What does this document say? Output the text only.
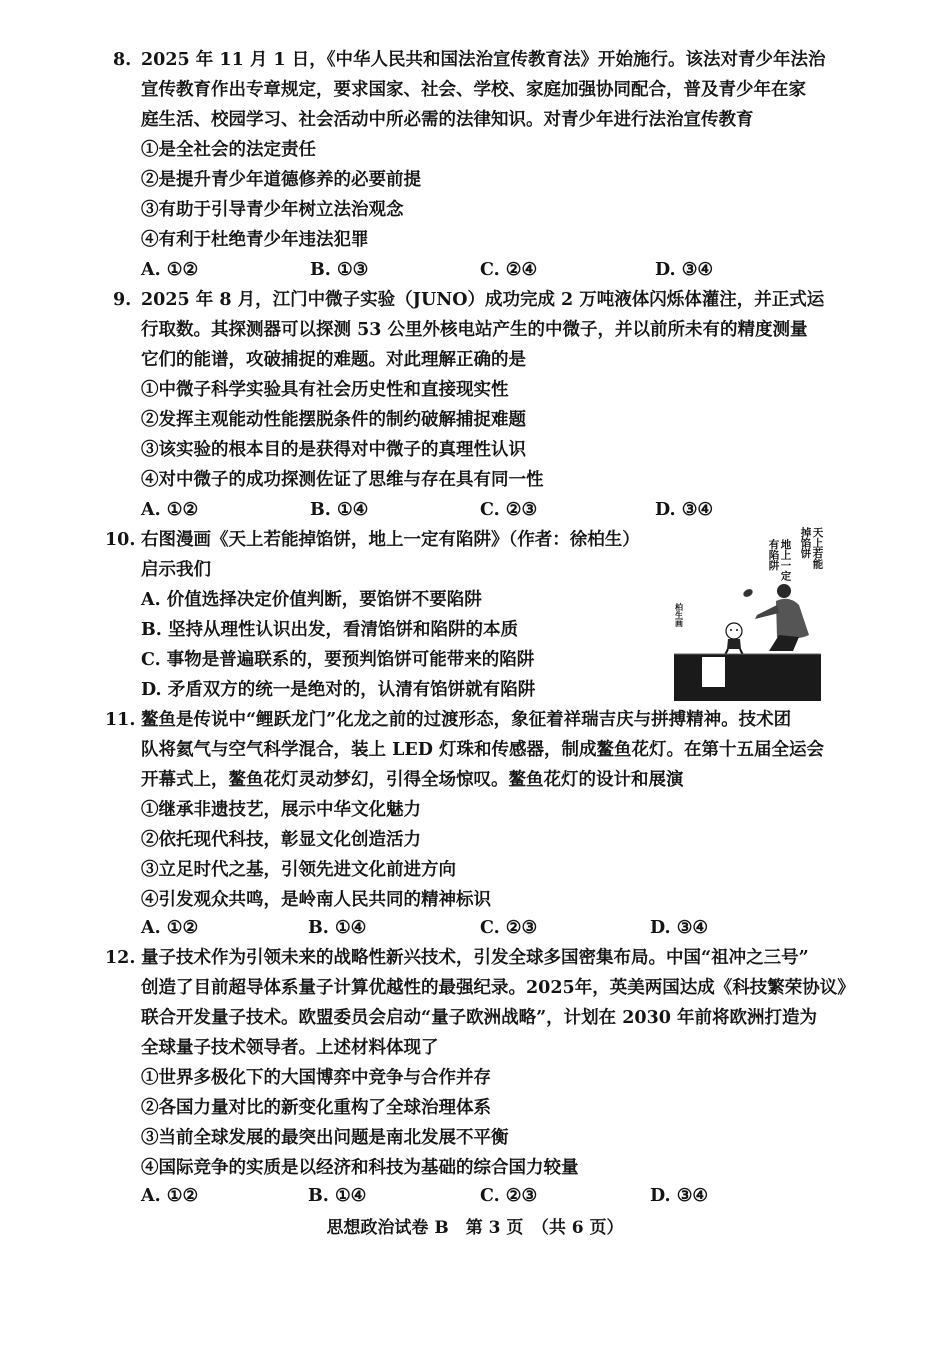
8. 2025 年 11 月 1 日，《中华人民共和国法治宣传教育法》开始施行。该法对青少年法治
宣传教育作出专章规定，要求国家、社会、学校、家庭加强协同配合，普及青少年在家
庭生活、校园学习、社会活动中所必需的法律知识。对青少年进行法治宣传教育
①是全社会的法定责任
②是提升青少年道德修养的必要前提
③有助于引导青少年树立法治观念
④有利于杜绝青少年违法犯罪
A. ①②	B. ①③	C. ②④	D. ③④
9. 2025 年 8 月，江门中微子实验（JUNO）成功完成 2 万吨液体闪烁体灌注，并正式运
行取数。其探测器可以探测 53 公里外核电站产生的中微子，并以前所未有的精度测量
它们的能谱，攻破捕捉的难题。对此理解正确的是
①中微子科学实验具有社会历史性和直接现实性
②发挥主观能动性能摆脱条件的制约破解捕捉难题
③该实验的根本目的是获得对中微子的真理性认识
④对中微子的成功探测佐证了思维与存在具有同一性
A. ①②	B. ①④	C. ②③	D. ③④
10. 右图漫画《天上若能掉馅饼，地上一定有陷阱》（作者：徐柏生）
启示我们
A. 价值选择决定价值判断，要馅饼不要陷阱
B. 坚持从理性认识出发，看清馅饼和陷阱的本质
C. 事物是普遍联系的，要预判馅饼可能带来的陷阱
D. 矛盾双方的统一是绝对的，认清有馅饼就有陷阱
天上若能
掉馅饼
地上一定
有陷阱
柏生画
11. 鳌鱼是传说中“鲤跃龙门”化龙之前的过渡形态，象征着祥瑞吉庆与拼搏精神。技术团
队将氦气与空气科学混合，装上 LED 灯珠和传感器，制成鳌鱼花灯。在第十五届全运会
开幕式上，鳌鱼花灯灵动梦幻，引得全场惊叹。鳌鱼花灯的设计和展演
①继承非遗技艺，展示中华文化魅力
②依托现代科技，彰显文化创造活力
③立足时代之基，引领先进文化前进方向
④引发观众共鸣，是岭南人民共同的精神标识
A. ①②	B. ①④	C. ②③	D. ③④
12. 量子技术作为引领未来的战略性新兴技术，引发全球多国密集布局。中国“祖冲之三号”
创造了目前超导体系量子计算优越性的最强纪录。2025年，英美两国达成《科技繁荣协议》
联合开发量子技术。欧盟委员会启动“量子欧洲战略”，计划在 2030 年前将欧洲打造为
全球量子技术领导者。上述材料体现了
①世界多极化下的大国博弈中竞争与合作并存
②各国力量对比的新变化重构了全球治理体系
③当前全球发展的最突出问题是南北发展不平衡
④国际竞争的实质是以经济和科技为基础的综合国力较量
A. ①②	B. ①④	C. ②③	D. ③④
思想政治试卷 B　第 3 页　（共 6 页）
